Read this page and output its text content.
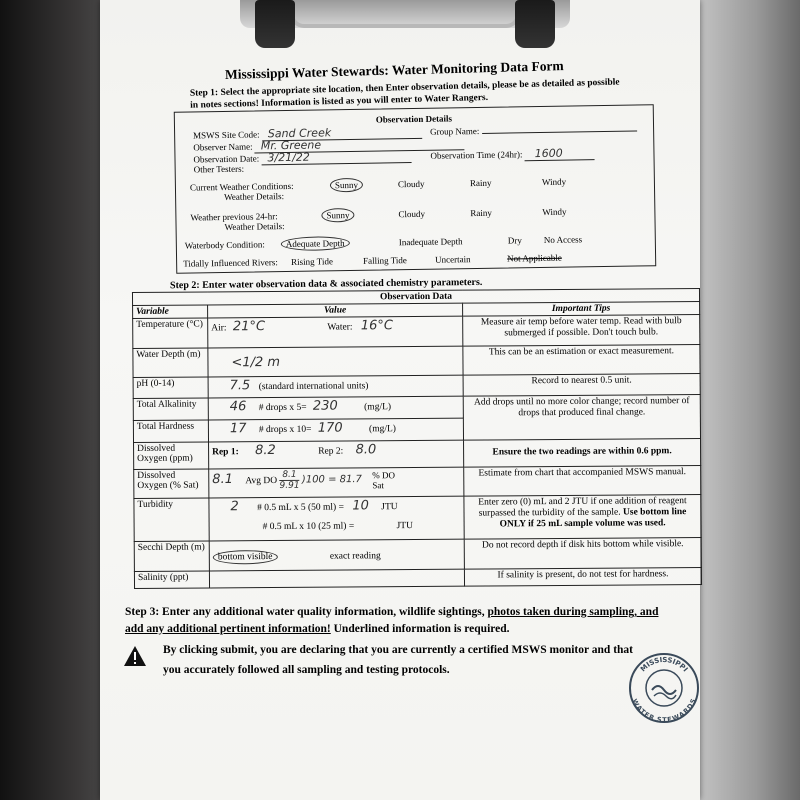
Mississippi Water Stewards: Water Monitoring Data Form
Step 1: Select the appropriate site location, then Enter observation details, please be as detailed as possible in notes sections! Information is listed as you will enter to Water Rangers.
Observation Details
MSWS Site Code: Sand Creek	Group Name:
Observer Name: Mr. Greene
Observation Date: 3/21/22	Observation Time (24hr): 1600
Other Testers:
Current Weather Conditions:
Weather Details:
Sunny	Cloudy	Rainy	Windy
Weather previous 24-hr:
Weather Details:
Sunny	Cloudy	Rainy	Windy
Waterbody Condition:	Adequate Depth	Inadequate Depth	Dry No Access
Tidally Influenced Rivers: Rising Tide	Falling Tide	Uncertain	Not Applicable
Step 2: Enter water observation data & associated chemistry parameters.
Observation Data		
Variable	Value	Important Tips
Temperature (°C)	Air: 21°C Water: 16°C	Measure air temp before water temp. Read with bulb submerged if possible. Don't touch bulb.
Water Depth (m)	<1/2 m	This can be an estimation or exact measurement.
pH (0-14)	7.5 (standard international units)	Record to nearest 0.5 unit.
Total Alkalinity	46 # drops x 5= 230 (mg/L)	Add drops until no more color change; record number of drops that produced final change.
Total Hardness	17 # drops x 10= 170 (mg/L)	
Dissolved Oxygen (ppm)	Rep 1: 8.2 Rep 2: 8.0	Ensure the two readings are within 0.6 ppm.
Dissolved Oxygen (% Sat)	8.1 Avg DO $\frac{8.1}{9.91} )100 = 81.7$ % DO Sat	Estimate from chart that accompanied MSWS manual.
Turbidity	2 # 0.5 mL x 5 (50 ml) = 10 JTU
# 0.5 mL x 10 (25 ml) = JTU	Enter zero (0) mL and 2 JTU if one addition of reagent surpassed the turbidity of the sample. Use bottom line ONLY if 25 mL sample volume was used.
Secchi Depth (m)	bottom visible exact reading	Do not record depth if disk hits bottom while visible.
Salinity (ppt)		If salinity is present, do not test for hardness.
Step 3: Enter any additional water quality information, wildlife sightings, photos taken during sampling, and add any additional pertinent information! Underlined information is required.
By clicking submit, you are declaring that you are currently a certified MSWS monitor and that you accurately followed all sampling and testing protocols.	MISSISSIPPI
WATER STEWARDS
